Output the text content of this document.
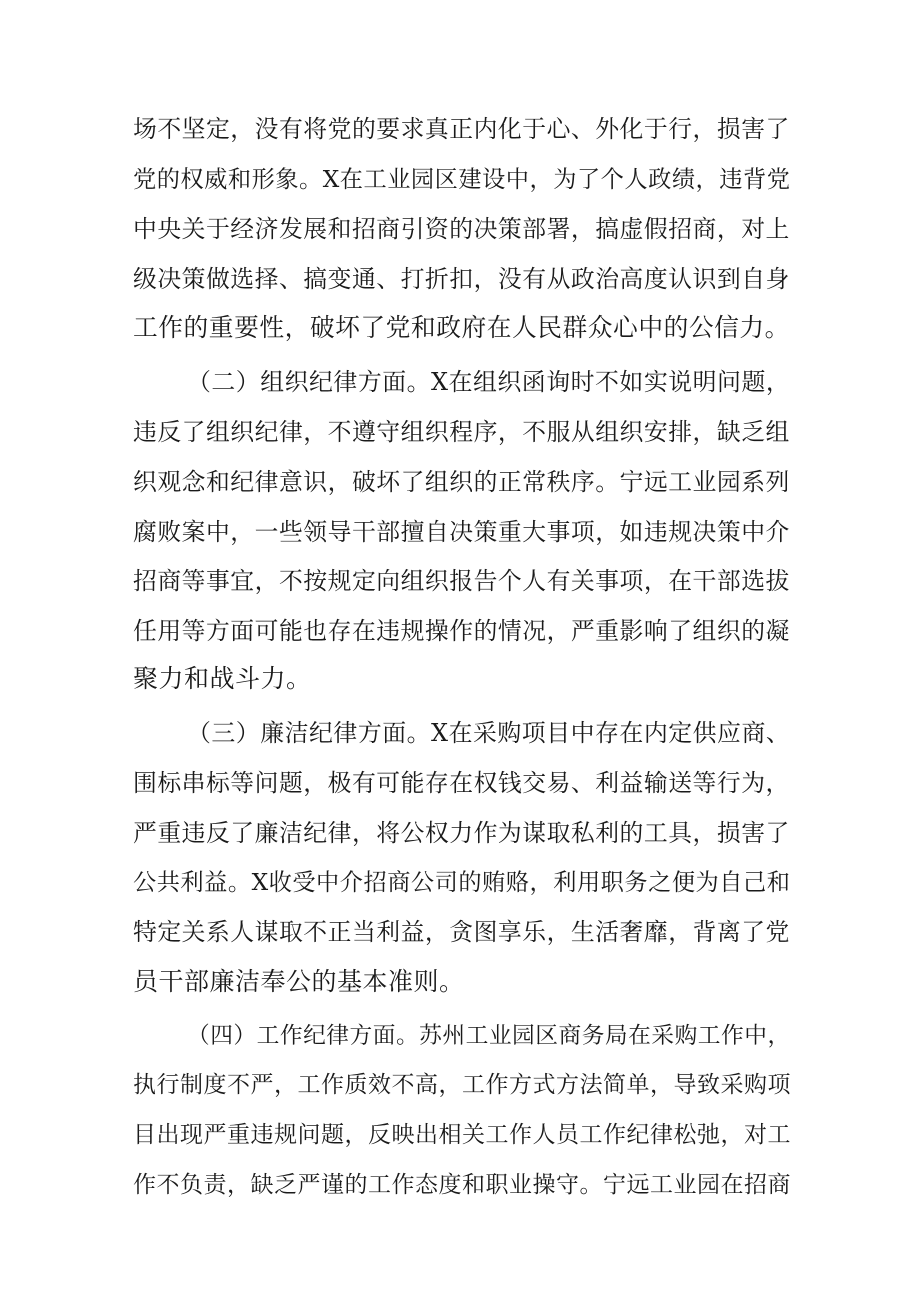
场不坚定，没有将党的要求真正内化于心、外化于行，损害了

党的权威和形象。X在工业园区建设中，为了个人政绩，违背党

中央关于经济发展和招商引资的决策部署，搞虚假招商，对上

级决策做选择、搞变通、打折扣，没有从政治高度认识到自身

工作的重要性，破坏了党和政府在人民群众心中的公信力。

（二）组织纪律方面。X在组织函询时不如实说明问题，

违反了组织纪律，不遵守组织程序，不服从组织安排，缺乏组

织观念和纪律意识，破坏了组织的正常秩序。宁远工业园系列

腐败案中，一些领导干部擅自决策重大事项，如违规决策中介

招商等事宜，不按规定向组织报告个人有关事项，在干部选拔

任用等方面可能也存在违规操作的情况，严重影响了组织的凝

聚力和战斗力。

（三）廉洁纪律方面。X在采购项目中存在内定供应商、

围标串标等问题，极有可能存在权钱交易、利益输送等行为，

严重违反了廉洁纪律，将公权力作为谋取私利的工具，损害了

公共利益。X收受中介招商公司的贿赂，利用职务之便为自己和

特定关系人谋取不正当利益，贪图享乐，生活奢靡，背离了党

员干部廉洁奉公的基本准则。

（四）工作纪律方面。苏州工业园区商务局在采购工作中，

执行制度不严，工作质效不高，工作方式方法简单，导致采购项

目出现严重违规问题，反映出相关工作人员工作纪律松弛，对工

作不负责，缺乏严谨的工作态度和职业操守。宁远工业园在招商
